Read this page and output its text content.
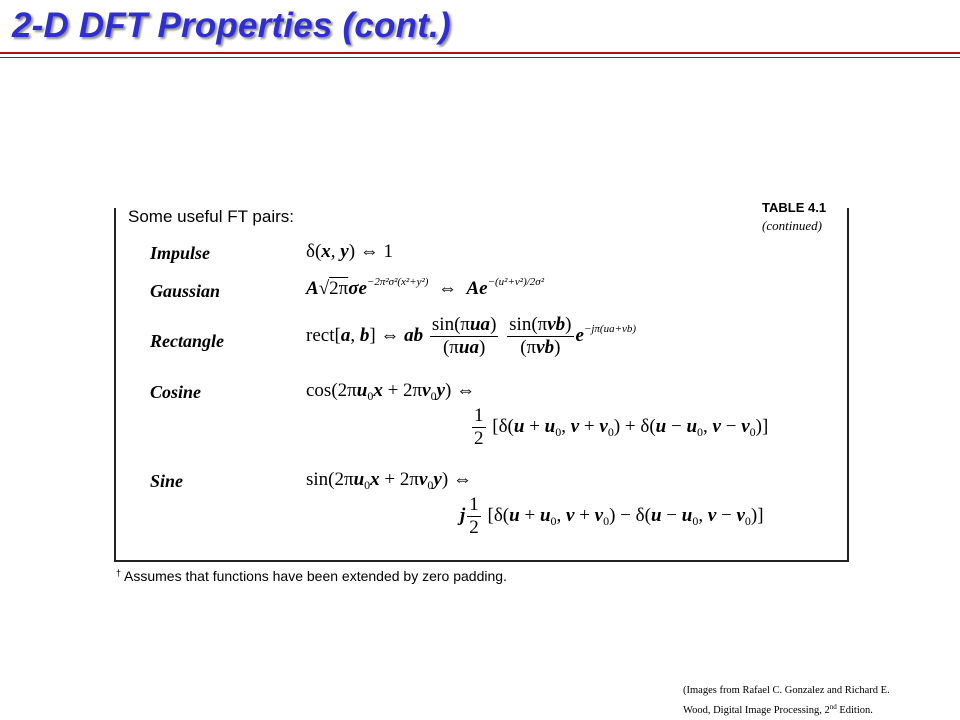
2-D DFT Properties (cont.)
TABLE 4.1
(continued)
Some useful FT pairs:
Impulse
Gaussian
Rectangle
Cosine
Sine
δ(x, y) ⇔ 1
A√2πσe$^{-2\pi^2\sigma^2(x^2+y^2)}$  ⇔  $Ae^{-(u^2+v^2)/2\sigma^2}$
rect[a, b] ⇔ ab $\frac{\text{sin(πua)}}{\text{(πua)}}$
$\frac{\text{sin(πvb)}}{\text{(πvb)}} e^{-j\pi(ua+vb)}$
$\cos(2\pi u_0x + 2\pi v_0y)$ ⇔
$\frac{1}{2} [\delta(u + u_0$, $v + v_0) + \delta(u - u_0$, $v - v_0$)]
$\sin(2\pi u_0x + 2\pi v_0y)$ ⇔
j $\frac{1}{2} [\delta(u + u_0$, $v + v_0) - \delta(u - u_0$, $v - v_0$)]
† Assumes that functions have been extended by zero padding.
(Images from Rafael C. Gonzalez and Richard E.
Wood, Digital Image Processing, 2nd Edition.
